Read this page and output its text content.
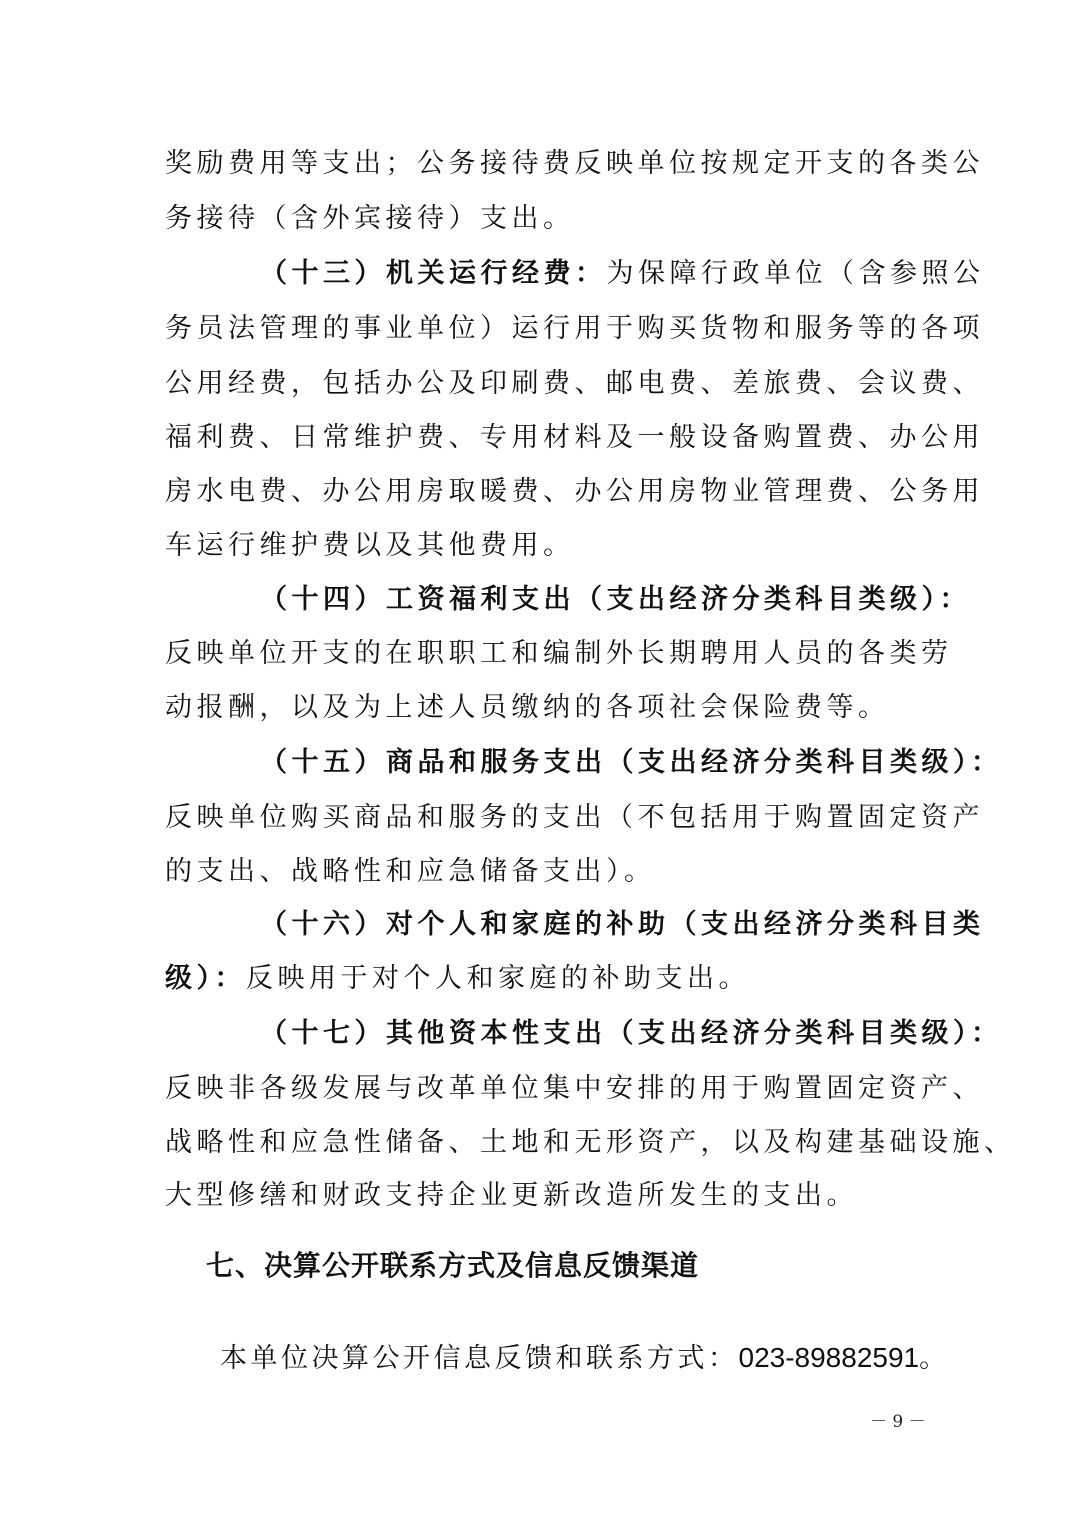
奖励费用等支出；公务接待费反映单位按规定开支的各类公
务接待（含外宾接待）支出。
（十三）机关运行经费：为保障行政单位（含参照公
务员法管理的事业单位）运行用于购买货物和服务等的各项
公用经费，包括办公及印刷费、邮电费、差旅费、会议费、
福利费、日常维护费、专用材料及一般设备购置费、办公用
房水电费、办公用房取暖费、办公用房物业管理费、公务用
车运行维护费以及其他费用。
（十四）工资福利支出（支出经济分类科目类级）：
反映单位开支的在职职工和编制外长期聘用人员的各类劳
动报酬，以及为上述人员缴纳的各项社会保险费等。
（十五）商品和服务支出（支出经济分类科目类级）：
反映单位购买商品和服务的支出（不包括用于购置固定资产
的支出、战略性和应急储备支出）。
（十六）对个人和家庭的补助（支出经济分类科目类
级）：反映用于对个人和家庭的补助支出。
（十七）其他资本性支出（支出经济分类科目类级）：
反映非各级发展与改革单位集中安排的用于购置固定资产、
战略性和应急性储备、土地和无形资产，以及构建基础设施、
大型修缮和财政支持企业更新改造所发生的支出。
七、决算公开联系方式及信息反馈渠道
本单位决算公开信息反馈和联系方式：023-89882591。
－ 9 －
